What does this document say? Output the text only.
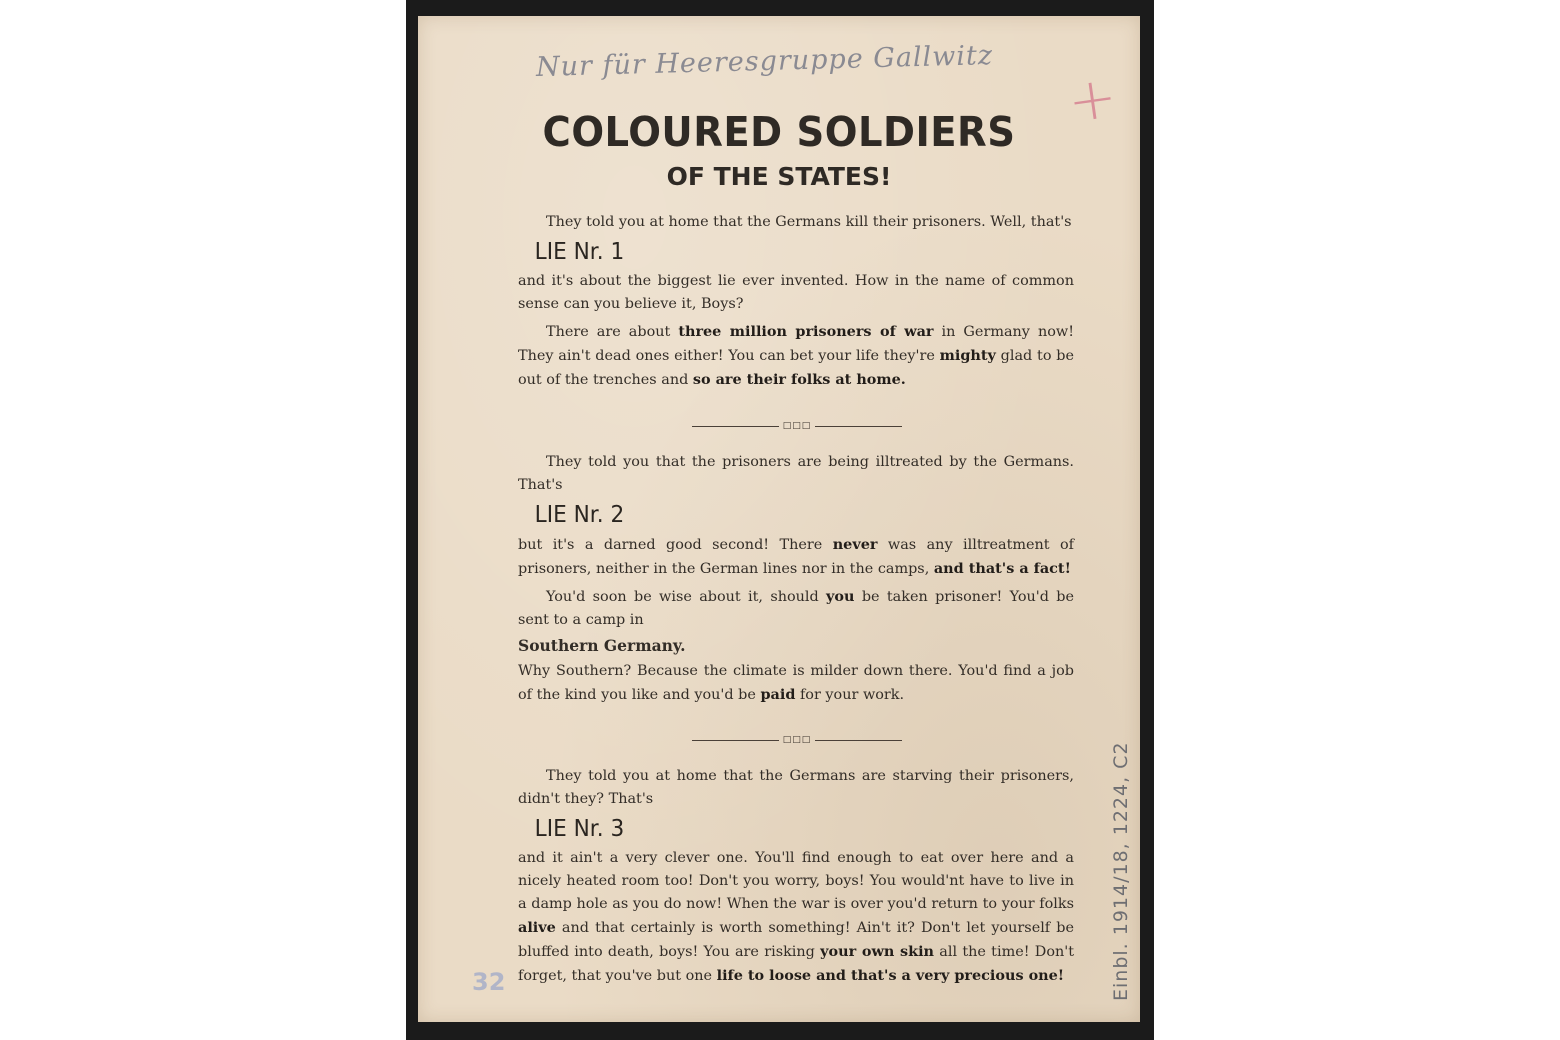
Nur für Heeresgruppe Gallwitz
+
COLOURED SOLDIERS
OF THE STATES!

They told you at home that the Germans kill their prisoners. Well, that's

LIE Nr. 1

and it's about the biggest lie ever invented. How in the name of common sense can you believe it, Boys?

There are about three million prisoners of war in Germany now! They ain't dead ones either! You can bet your life they're mighty glad to be out of the trenches and so are their folks at home.

□□□

They told you that the prisoners are being illtreated by the Germans. That's

LIE Nr. 2

but it's a darned good second! There never was any illtreatment of prisoners, neither in the German lines nor in the camps, and that's a fact!

You'd soon be wise about it, should you be taken prisoner! You'd be sent to a camp in

Southern Germany.

Why Southern? Because the climate is milder down there. You'd find a job of the kind you like and you'd be paid for your work.

□□□

They told you at home that the Germans are starving their prisoners, didn't they? That's

LIE Nr. 3

and it ain't a very clever one. You'll find enough to eat over here and a nicely heated room too! Don't you worry, boys! You would'nt have to live in a damp hole as you do now! When the war is over you'd return to your folks alive and that certainly is worth something! Ain't it? Don't let yourself be bluffed into death, boys! You are risking your own skin all the time! Don't forget, that you've but one life to loose and that's a very precious one!	Einbl. 1914/18, 1224, C2
32
